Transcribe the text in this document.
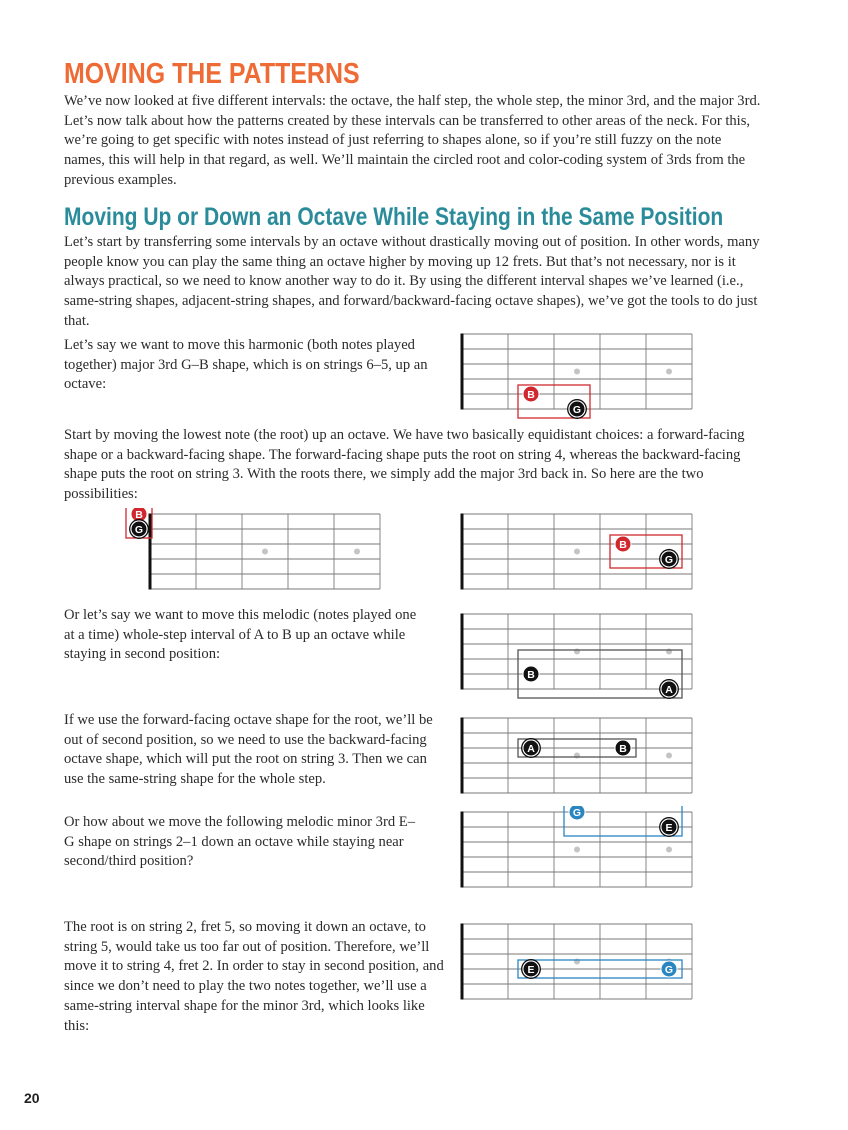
MOVING THE PATTERNS

We’ve now looked at five different intervals: the octave, the half step, the whole step, the minor 3rd, and the major 3rd. Let’s now talk about how the patterns created by these intervals can be transferred to other areas of the neck. For this, we’re going to get specific with notes instead of just referring to shapes alone, so if you’re still fuzzy on the note names, this will help in that regard, as well. We’ll maintain the circled root and color-coding system of 3rds from the previous examples.

Moving Up or Down an Octave While Staying in the Same Position

Let’s start by transferring some intervals by an octave without drastically moving out of position. In other words, many people know you can play the same thing an octave higher by moving up 12 frets. But that’s not necessary, nor is it always practical, so we need to know another way to do it. By using the different interval shapes we’ve learned (i.e., same-string shapes, adjacent-string shapes, and forward/backward-facing octave shapes), we’ve got the tools to do just that.

Let’s say we want to move this harmonic (both notes played together) major 3rd G–B shape, which is on strings 6–5, up an octave:

G
B

Start by moving the lowest note (the root) up an octave. We have two basically equidistant choices: a forward-facing shape or a backward-facing shape. The forward-facing shape puts the root on string 4, whereas the backward-facing shape puts the root on string 3. With the roots there, we simply add the major 3rd back in. So here are the two possibilities:

B
G
B
G

Or let’s say we want to move this melodic (notes played one at a time) whole-step interval of A to B up an octave while staying in second position:

B
A

If we use the forward-facing octave shape for the root, we’ll be out of second position, so we need to use the backward-facing octave shape, which will put the root on string 3. Then we can use the same-string shape for the whole step.

A	B

Or how about we move the following melodic minor 3rd E–G shape on strings 2–1 down an octave while staying near second/third position?

G
E

The root is on string 2, fret 5, so moving it down an octave, to string 5, would take us too far out of position. Therefore, we’ll move it to string 4, fret 2. In order to stay in second position, and since we don’t need to play the two notes together, we’ll use a same-string interval shape for the minor 3rd, which looks like this:

E	G
20
